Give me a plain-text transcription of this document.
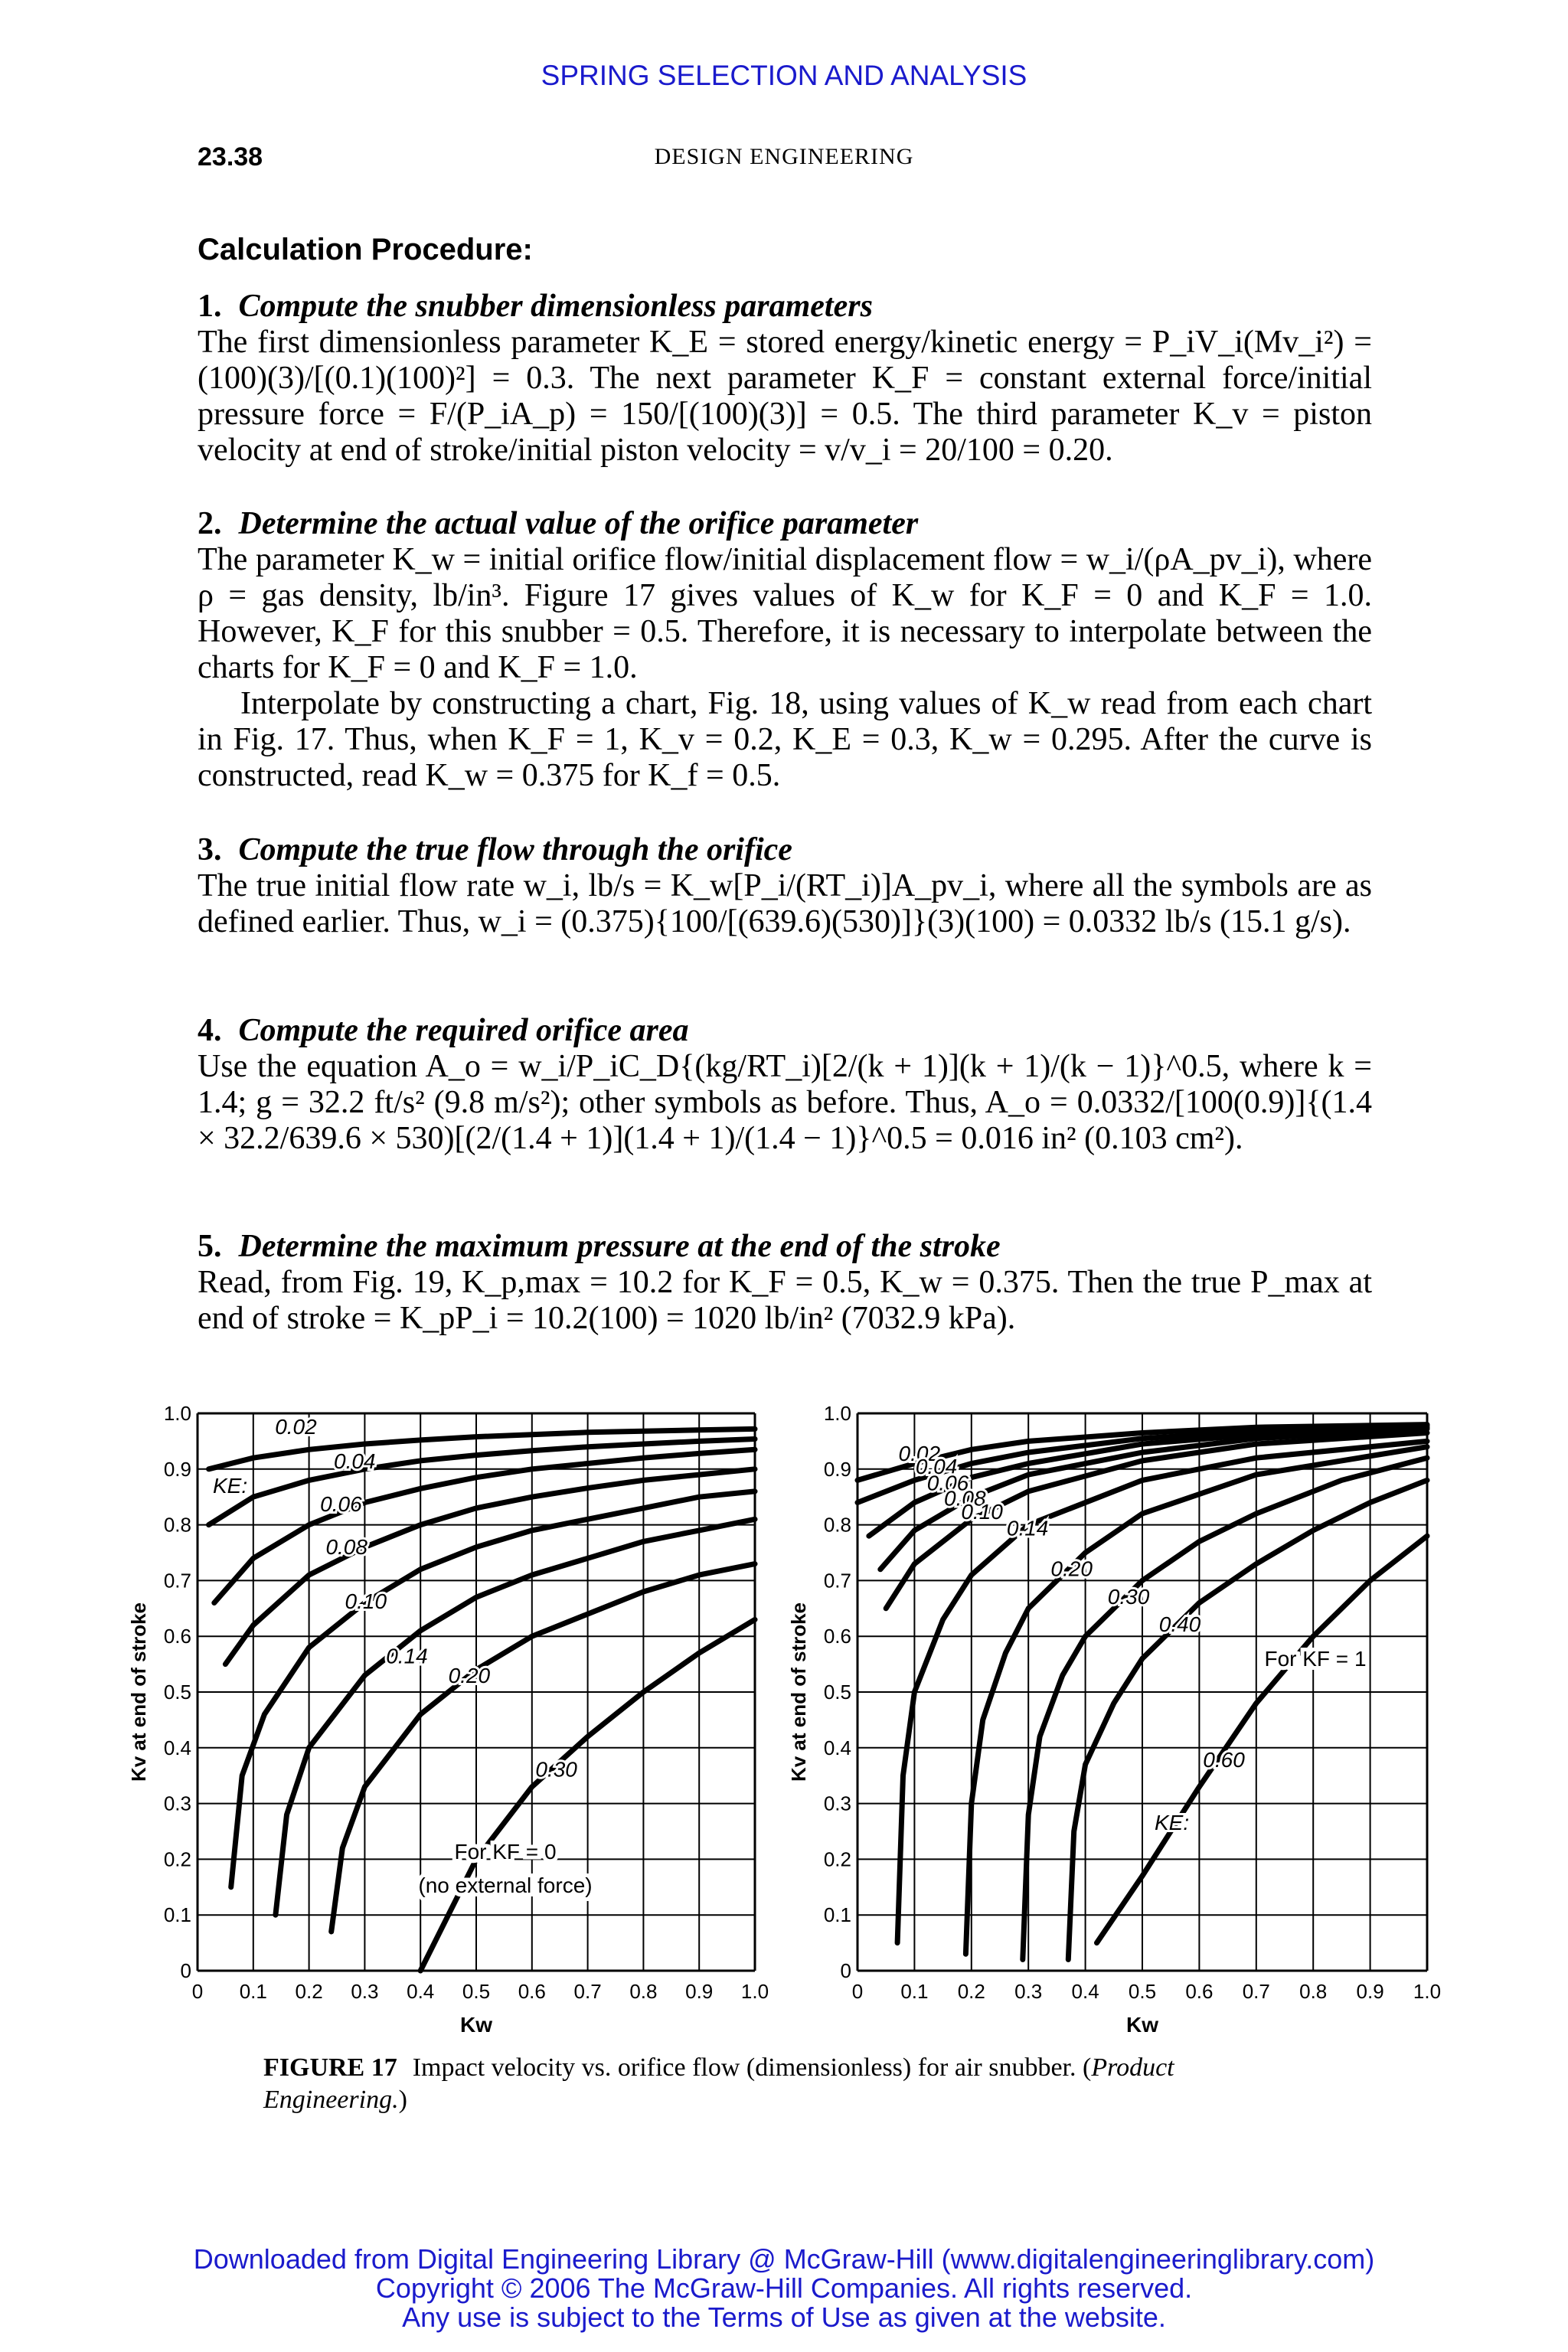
SPRING SELECTION AND ANALYSIS
23.38	DESIGN ENGINEERING
Calculation Procedure:
1. Compute the snubber dimensionless parameters

The first dimensionless parameter K_E = stored energy/kinetic energy = P_iV_i(Mv_i²) = (100)(3)/[(0.1)(100)²] = 0.3. The next parameter K_F = constant external force/initial pressure force = F/(P_iA_p) = 150/[(100)(3)] = 0.5. The third parameter K_v = piston velocity at end of stroke/initial piston velocity = v/v_i = 20/100 = 0.20.

2. Determine the actual value of the orifice parameter

The parameter K_w = initial orifice flow/initial displacement flow = w_i/(ρA_pv_i), where ρ = gas density, lb/in³. Figure 17 gives values of K_w for K_F = 0 and K_F = 1.0. However, K_F for this snubber = 0.5. Therefore, it is necessary to interpolate between the charts for K_F = 0 and K_F = 1.0.

Interpolate by constructing a chart, Fig. 18, using values of K_w read from each chart in Fig. 17. Thus, when K_F = 1, K_v = 0.2, K_E = 0.3, K_w = 0.295. After the curve is constructed, read K_w = 0.375 for K_f = 0.5.

3. Compute the true flow through the orifice

The true initial flow rate w_i, lb/s = K_w[P_i/(RT_i)]A_pv_i, where all the symbols are as defined earlier. Thus, w_i = (0.375){100/[(639.6)(530)]}(3)(100) = 0.0332 lb/s (15.1 g/s).

4. Compute the required orifice area

Use the equation A_o = w_i/P_iC_D{(kg/RT_i)[2/(k + 1)](k + 1)/(k − 1)}^0.5, where k = 1.4; g = 32.2 ft/s² (9.8 m/s²); other symbols as before. Thus, A_o = 0.0332/[100(0.9)]{(1.4 × 32.2/639.6 × 530)[(2/(1.4 + 1)](1.4 + 1)/(1.4 − 1)}^0.5 = 0.016 in² (0.103 cm²).

5. Determine the maximum pressure at the end of the stroke

Read, from Fig. 19, K_p,max = 10.2 for K_F = 0.5, K_w = 0.375. Then the true P_max at end of stroke = K_pP_i = 10.2(100) = 1020 lb/in² (7032.9 kPa).

0
0
0.1
0.1
0.2
0.2
0.3
0.3
0.4
0.4
0.5
0.5
0.6
0.6
0.7
0.7
0.8
0.8
0.9
0.9
1.0
1.0
Kw
Kv at end of stroke
0.02
0.04
0.06
0.08
0.10
0.14
0.20
0.30
KE:
For KF = 0
(no external force)
0
0
0.1
0.1
0.2
0.2
0.3
0.3
0.4
0.4
0.5
0.5
0.6
0.6
0.7
0.7
0.8
0.8
0.9
0.9
1.0
1.0
Kw
Kv at end of stroke
0.02
0.04
0.06
0.08
0.10
0.14
0.20
0.30
0.40
0.60
KE:
For KF = 1
FIGURE 17 Impact velocity vs. orifice flow (dimensionless) for air snubber. (Product Engineering.)
Downloaded from Digital Engineering Library @ McGraw-Hill (www.digitalengineeringlibrary.com)
Copyright © 2006 The McGraw-Hill Companies. All rights reserved.
Any use is subject to the Terms of Use as given at the website.
